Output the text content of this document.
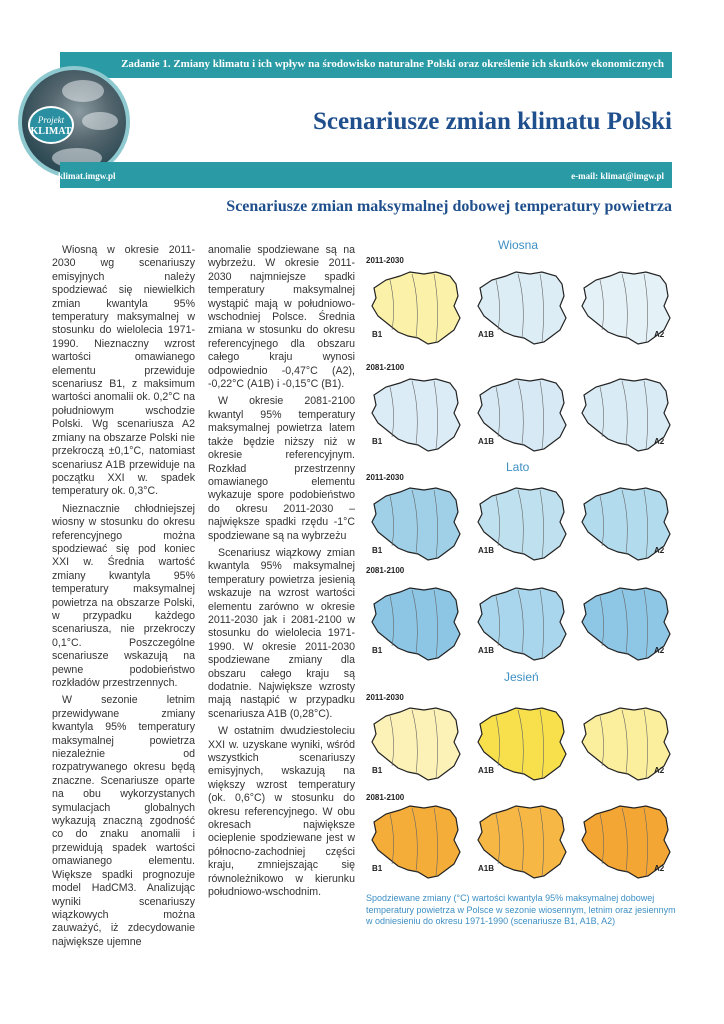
Zadanie 1. Zmiany klimatu i ich wpływ na środowisko naturalne Polski oraz określenie ich skutków ekonomicznych
Projekt
KLIMAT	Scenariusze zmian klimatu Polski
klimat.imgw.pl	e-mail: klimat@imgw.pl
Scenariusze zmian maksymalnej dobowej temperatury powietrza

Wiosną w okresie 2011-2030 wg scenariuszy emisyjnych należy spodziewać się niewielkich zmian kwantyla 95% temperatury maksymalnej w stosunku do wielolecia 1971-1990. Nieznaczny wzrost wartości omawianego elementu przewiduje scenariusz B1, z maksimum wartości anomalii ok. 0,2°C na południowym wschodzie Polski. Wg scenariusza A2 zmiany na obszarze Polski nie przekroczą ±0,1°C, natomiast scenariusz A1B przewiduje na początku XXI w. spadek temperatury ok. 0,3°C.

Nieznacznie chłodniejszej wiosny w stosunku do okresu referencyjnego można spodziewać się pod koniec XXI w. Średnia wartość zmiany kwantyla 95% temperatury maksymalnej powietrza na obszarze Polski, w przypadku każdego scenariusza, nie przekroczy 0,1°C. Poszczególne scenariusze wskazują na pewne podobieństwo rozkładów przestrzennych.

W sezonie letnim przewidywane zmiany kwantyla 95% temperatury maksymalnej powietrza niezależnie od rozpatrywanego okresu będą znaczne. Scenariusze oparte na obu wykorzystanych symulacjach globalnych wykazują znaczną zgodność co do znaku anomalii i przewidują spadek wartości omawianego elementu. Większe spadki prognozuje model HadCM3. Analizując wyniki scenariuszy wiązkowych można zauważyć, iż zdecydowanie największe ujemne

anomalie spodziewane są na wybrzeżu. W okresie 2011-2030 najmniejsze spadki temperatury maksymalnej wystąpić mają w południowo-wschodniej Polsce. Średnia zmiana w stosunku do okresu referencyjnego dla obszaru całego kraju wynosi odpowiednio -0,47°C (A2), -0,22°C (A1B) i -0,15°C (B1).

W okresie 2081-2100 kwantyl 95% temperatury maksymalnej powietrza latem także będzie niższy niż w okresie referencyjnym. Rozkład przestrzenny omawianego elementu wykazuje spore podobieństwo do okresu 2011-2030 – największe spadki rzędu -1°C spodziewane są na wybrzeżu

Scenariusz wiązkowy zmian kwantyla 95% maksymalnej temperatury powietrza jesienią wskazuje na wzrost wartości elementu zarówno w okresie 2011-2030 jak i 2081-2100 w stosunku do wielolecia 1971-1990. W okresie 2011-2030 spodziewane zmiany dla obszaru całego kraju są dodatnie. Największe wzrosty mają nastąpić w przypadku scenariusza A1B (0,28°C).

W ostatnim dwudziestoleciu XXI w. uzyskane wyniki, wśród wszystkich scenariuszy emisyjnych, wskazują na większy wzrost temperatury (ok. 0,6°C) w stosunku do okresu referencyjnego. W obu okresach największe ocieplenie spodziewane jest w północno-zachodniej części kraju, zmniejszając się równoleżnikowo w kierunku południowo-wschodnim.

Wiosna
Lato
Jesień
2011-2030
2081-2100
2011-2030
2081-2100
2011-2030
2081-2100
B1	A1B	A2
B1	A1B	A2
B1	A1B	A2
B1	A1B	A2
B1	A1B	A2
B1	A1B	A2
Spodziewane zmiany (°C) wartości kwantyla 95% maksymalnej dobowej temperatury powietrza w Polsce w sezonie wiosennym, letnim oraz jesiennym w odniesieniu do okresu 1971-1990 (scenariusze B1, A1B, A2)
